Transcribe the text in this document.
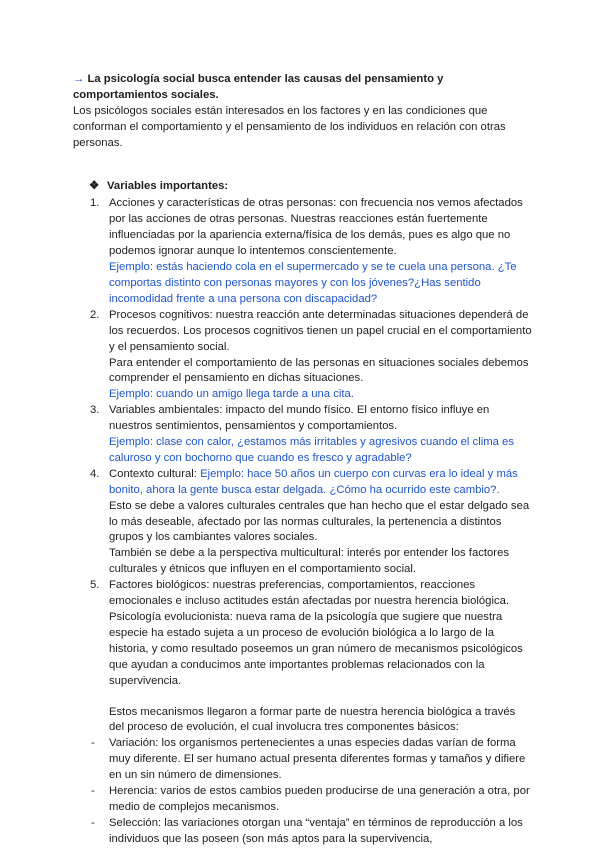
→ La psicología social busca entender las causas del pensamiento y comportamientos sociales.

Los psicólogos sociales están interesados en los factores y en las condiciones que conforman el comportamiento y el pensamiento de los individuos en relación con otras personas.

❖ Variables importantes:
1. Acciones y características de otras personas: con frecuencia nos vemos afectados por las acciones de otras personas. Nuestras reacciones están fuertemente influenciadas por la apariencia externa/física de los demás, pues es algo que no podemos ignorar aunque lo intentemos conscientemente.

Ejemplo: estás haciendo cola en el supermercado y se te cuela una persona. ¿Te comportas distinto con personas mayores y con los jóvenes?¿Has sentido incomodidad frente a una persona con discapacidad?

2. Procesos cognitivos: nuestra reacción ante determinadas situaciones dependerá de los recuerdos. Los procesos cognitivos tienen un papel crucial en el comportamiento y el pensamiento social.

Para entender el comportamiento de las personas en situaciones sociales debemos comprender el pensamiento en dichas situaciones.

Ejemplo: cuando un amigo llega tarde a una cita.

3. Variables ambientales: impacto del mundo físico. El entorno físico influye en nuestros sentimientos, pensamientos y comportamientos.

Ejemplo: clase con calor, ¿estamos más irritables y agresivos cuando el clima es caluroso y con bochorno que cuando es fresco y agradable?

4. Contexto cultural: Ejemplo: hace 50 años un cuerpo con curvas era lo ideal y más bonito, ahora la gente busca estar delgada. ¿Cómo ha ocurrido este cambio?.

Esto se debe a valores culturales centrales que han hecho que el estar delgado sea lo más deseable, afectado por las normas culturales, la pertenencia a distintos grupos y los cambiantes valores sociales.

También se debe a la perspectiva multicultural: interés por entender los factores culturales y étnicos que influyen en el comportamiento social.

5. Factores biológicos: nuestras preferencias, comportamientos, reacciones emocionales e incluso actitudes están afectadas por nuestra herencia biológica.

Psicología evolucionista: nueva rama de la psicología que sugiere que nuestra especie ha estado sujeta a un proceso de evolución biológica a lo largo de la historia, y como resultado poseemos un gran número de mecanismos psicológicos que ayudan a conducimos ante importantes problemas relacionados con la supervivencia.

Estos mecanismos llegaron a formar parte de nuestra herencia biológica a través del proceso de evolución, el cual involucra tres componentes básicos:

-	Variación: los organismos pertenecientes a unas especies dadas varían de forma muy diferente. El ser humano actual presenta diferentes formas y tamaños y difiere en un sin número de dimensiones.
-	Herencia: varios de estos cambios pueden producirse de una generación a otra, por medio de complejos mecanismos.
-	Selección: las variaciones otorgan una “ventaja” en términos de reproducción a los individuos que las poseen (son más aptos para la supervivencia,
